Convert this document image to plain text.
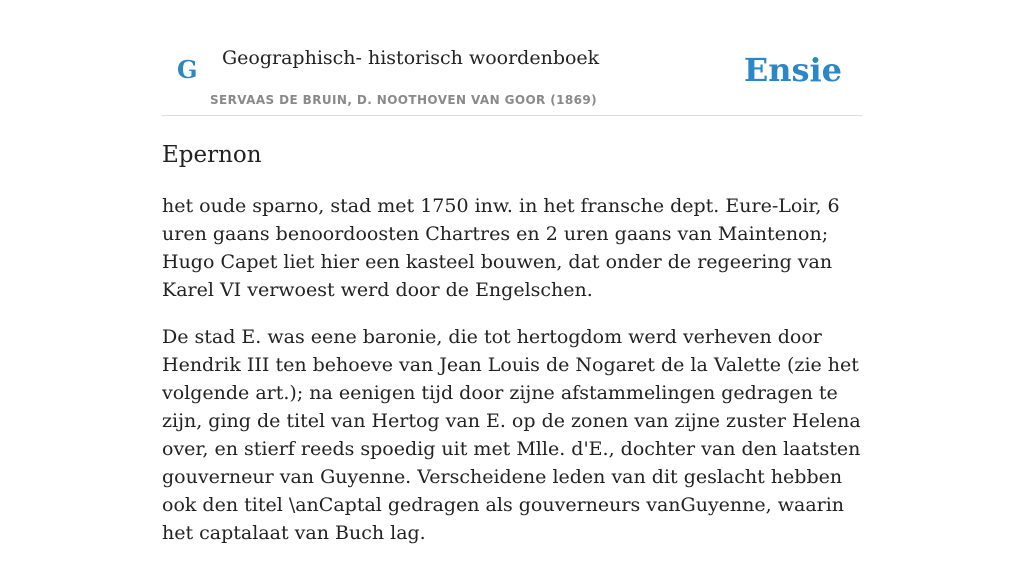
G Geographisch- historisch woordenboek
SERVAAS DE BRUIN, D. NOOTHOVEN VAN GOOR (1869)
Ensie
Epernon

het oude sparno, stad met 1750 inw. in het fransche dept. Eure-Loir, 6 uren gaans benoordoosten Chartres en 2 uren gaans van Maintenon; Hugo Capet liet hier een kasteel bouwen, dat onder de regeering van Karel VI verwoest werd door de Engelschen.

De stad E. was eene baronie, die tot hertogdom werd verheven door Hendrik III ten behoeve van Jean Louis de Nogaret de la Valette (zie het volgende art.); na eenigen tijd door zijne afstammelingen gedragen te zijn, ging de titel van Hertog van E. op de zonen van zijne zuster Helena over, en stierf reeds spoedig uit met Mlle. d'E., dochter van den laatsten gouverneur van Guyenne. Verscheidene leden van dit geslacht hebben ook den titel \anCaptal gedragen als gouverneurs vanGuyenne, waarin het captalaat van Buch lag.
